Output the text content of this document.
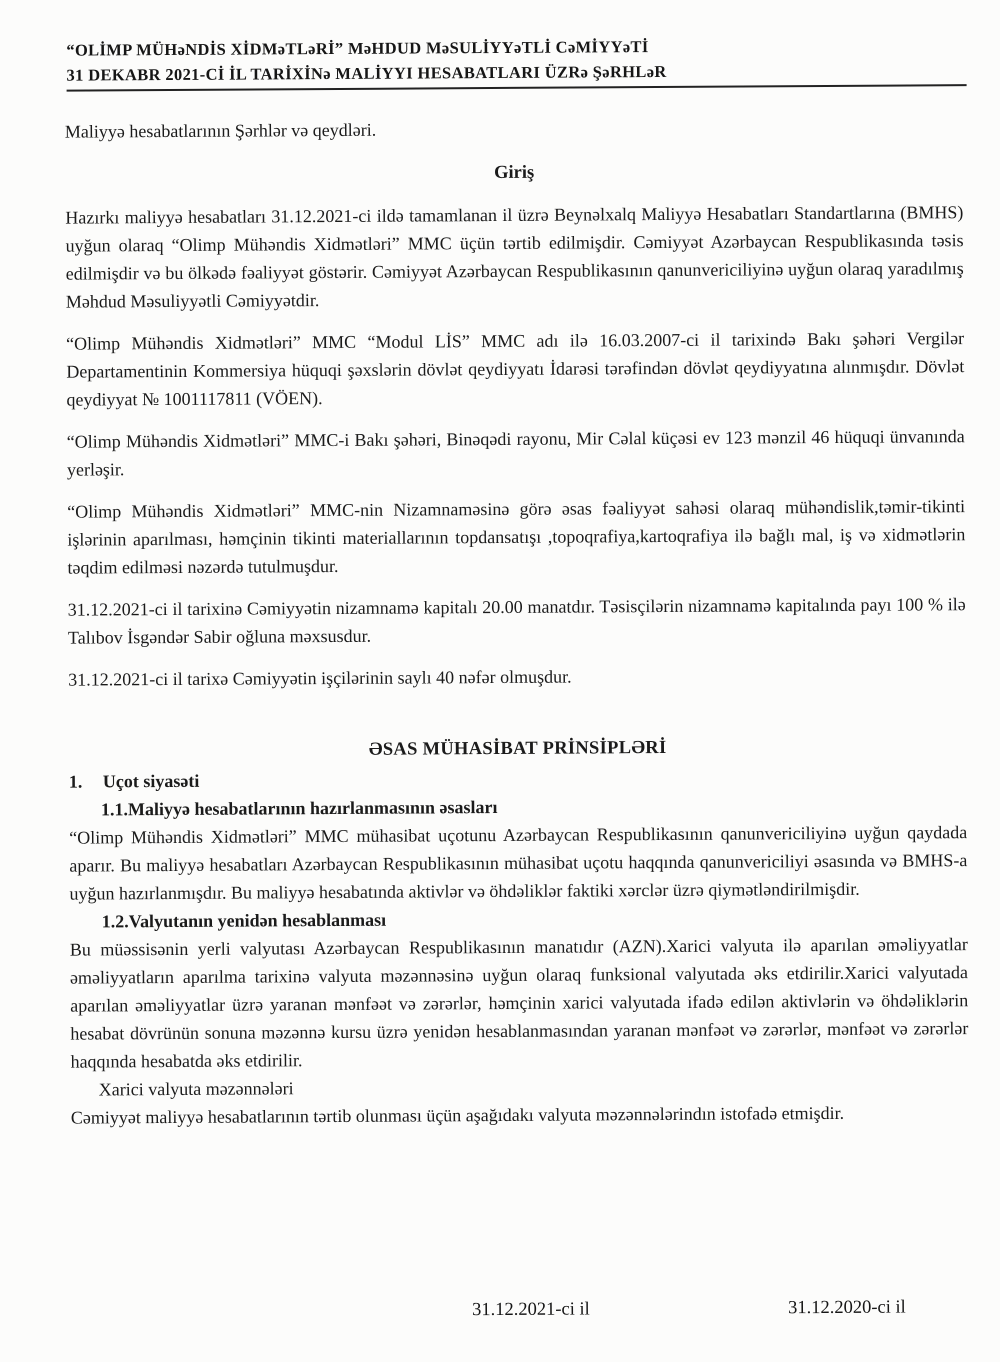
“OLİMP MÜHəNDİS XİDMəTLəRİ” MəHDUD MəSULİYYəTLİ CəMİYYəTİ
31 DEKABR 2021-Cİ İL TARİXİNə MALİYYI HESABATLARI ÜZRə ŞəRHLəR

Maliyyə hesabatlarının Şərhlər və qeydləri.

Giriş

Hazırkı maliyyə hesabatları 31.12.2021-ci ildə tamamlanan il üzrə Beynəlxalq Maliyyə Hesabatları Standartlarına (BMHS) uyğun olaraq “Olimp Mühəndis Xidmətləri” MMC üçün tərtib edilmişdir. Cəmiyyət Azərbaycan Respublikasında təsis edilmişdir və bu ölkədə fəaliyyət göstərir. Cəmiyyət Azərbaycan Respublikasının qanunvericiliyinə uyğun olaraq yaradılmış Məhdud Məsuliyyətli Cəmiyyətdir.

“Olimp Mühəndis Xidmətləri” MMC “Modul LİS” MMC adı ilə 16.03.2007-ci il tarixində Bakı şəhəri Vergilər Departamentinin Kommersiya hüquqi şəxslərin dövlət qeydiyyatı İdarəsi tərəfindən dövlət qeydiyyatına alınmışdır. Dövlət qeydiyyat № 1001117811 (VÖEN).

“Olimp Mühəndis Xidmətləri” MMC-i Bakı şəhəri, Binəqədi rayonu, Mir Cəlal küçəsi ev 123 mənzil 46 hüquqi ünvanında yerləşir.

“Olimp Mühəndis Xidmətləri” MMC-nin Nizamnaməsinə görə əsas fəaliyyət sahəsi olaraq mühəndislik,təmir-tikinti işlərinin aparılması, həmçinin tikinti materiallarının topdansatışı ,topoqrafiya,kartoqrafiya ilə bağlı mal, iş və xidmətlərin təqdim edilməsi nəzərdə tutulmuşdur.

31.12.2021-ci il tarixinə Cəmiyyətin nizamnamə kapitalı 20.00 manatdır. Təsisçilərin nizamnamə kapitalında payı 100 % ilə Talıbov İsgəndər Sabir oğluna məxsusdur.

31.12.2021-ci il tarixə Cəmiyyətin işçilərinin saylı 40 nəfər olmuşdur.

ƏSAS MÜHASİBAT PRİNSİPLƏRİ
1. Uçot siyasəti
1.1.Maliyyə hesabatlarının hazırlanmasının əsasları

“Olimp Mühəndis Xidmətləri” MMC mühasibat uçotunu Azərbaycan Respublikasının qanunvericiliyinə uyğun qaydada aparır. Bu maliyyə hesabatları Azərbaycan Respublikasının mühasibat uçotu haqqında qanunvericiliyi əsasında və BMHS-a uyğun hazırlanmışdır. Bu maliyyə hesabatında aktivlər və öhdəliklər faktiki xərclər üzrə qiymətləndirilmişdir.

1.2.Valyutanın yenidən hesablanması

Bu müəssisənin yerli valyutası Azərbaycan Respublikasının manatıdır (AZN).Xarici valyuta ilə aparılan əməliyyatlar əməliyyatların aparılma tarixinə valyuta məzənnəsinə uyğun olaraq funksional valyutada əks etdirilir.Xarici valyutada aparılan əməliyyatlar üzrə yaranan mənfəət və zərərlər, həmçinin xarici valyutada ifadə edilən aktivlərin və öhdəliklərin hesabat dövrünün sonuna məzənnə kursu üzrə yenidən hesablanmasından yaranan mənfəət və zərərlər, mənfəət və zərərlər haqqında hesabatda əks etdirilir.

Xarici valyuta məzənnələri

Cəmiyyət maliyyə hesabatlarının tərtib olunması üçün aşağıdakı valyuta məzənnələrindın istofadə etmişdir.

31.12.2021-ci il	31.12.2020-ci il
